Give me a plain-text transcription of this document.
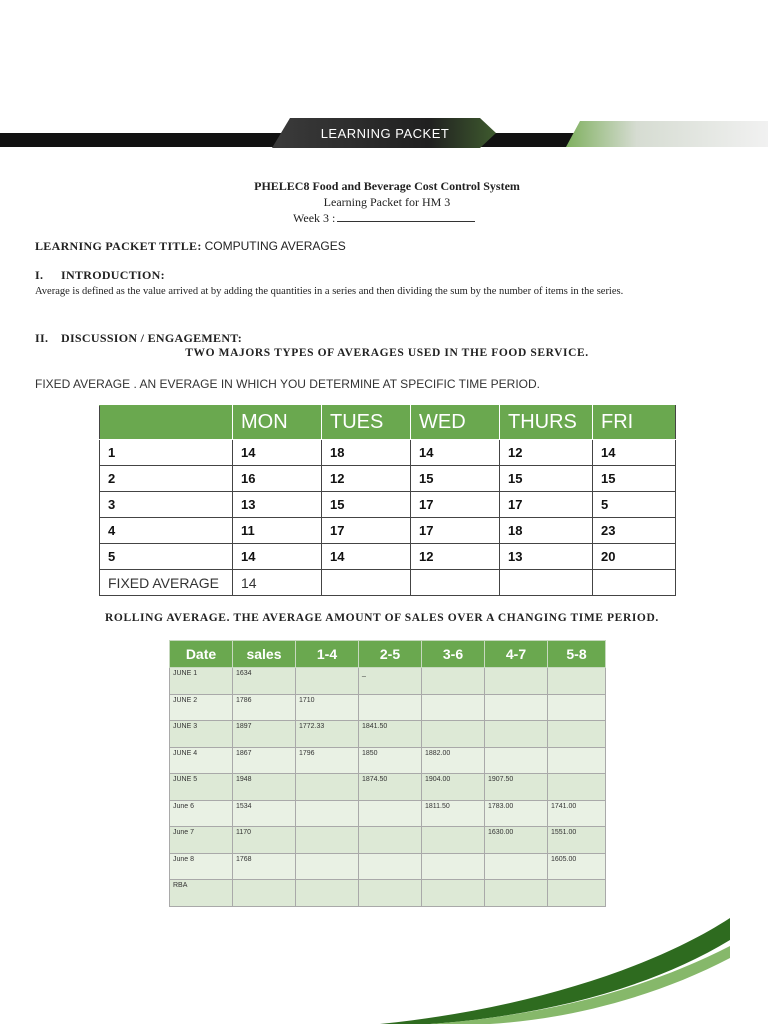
LEARNING PACKET
PHELEC8 Food and Beverage Cost Control System
Learning Packet for HM 3
Week 3 :
LEARNING PACKET TITLE: COMPUTING AVERAGES
I. INTRODUCTION:
Average is defined as the value arrived at by adding the quantities in a series and then dividing the sum by the number of items in the series.
II. DISCUSSION / ENGAGEMENT:
TWO MAJORS TYPES OF AVERAGES USED IN THE FOOD SERVICE.
FIXED AVERAGE . AN EVERAGE IN WHICH YOU DETERMINE AT SPECIFIC TIME PERIOD.
	MON	TUES	WED	THURS	FRI
1	14	18	14	12	14
2	16	12	15	15	15
3	13	15	17	17	5
4	11	17	17	18	23
5	14	14	12	13	20
FIXED AVERAGE	14				
ROLLING AVERAGE. THE AVERAGE AMOUNT OF SALES OVER A CHANGING TIME PERIOD.
Date	sales	1-4	2-5	3-6	4-7	5-8
JUNE 1	1634		_			
JUNE 2	1786	1710				
JUNE 3	1897	1772.33	1841.50			
JUNE 4	1867	1796	1850	1882.00		
JUNE 5	1948		1874.50	1904.00	1907.50	
June 6	1534			1811.50	1783.00	1741.00
June 7	1170				1630.00	1551.00
June 8	1768					1605.00
RBA						
